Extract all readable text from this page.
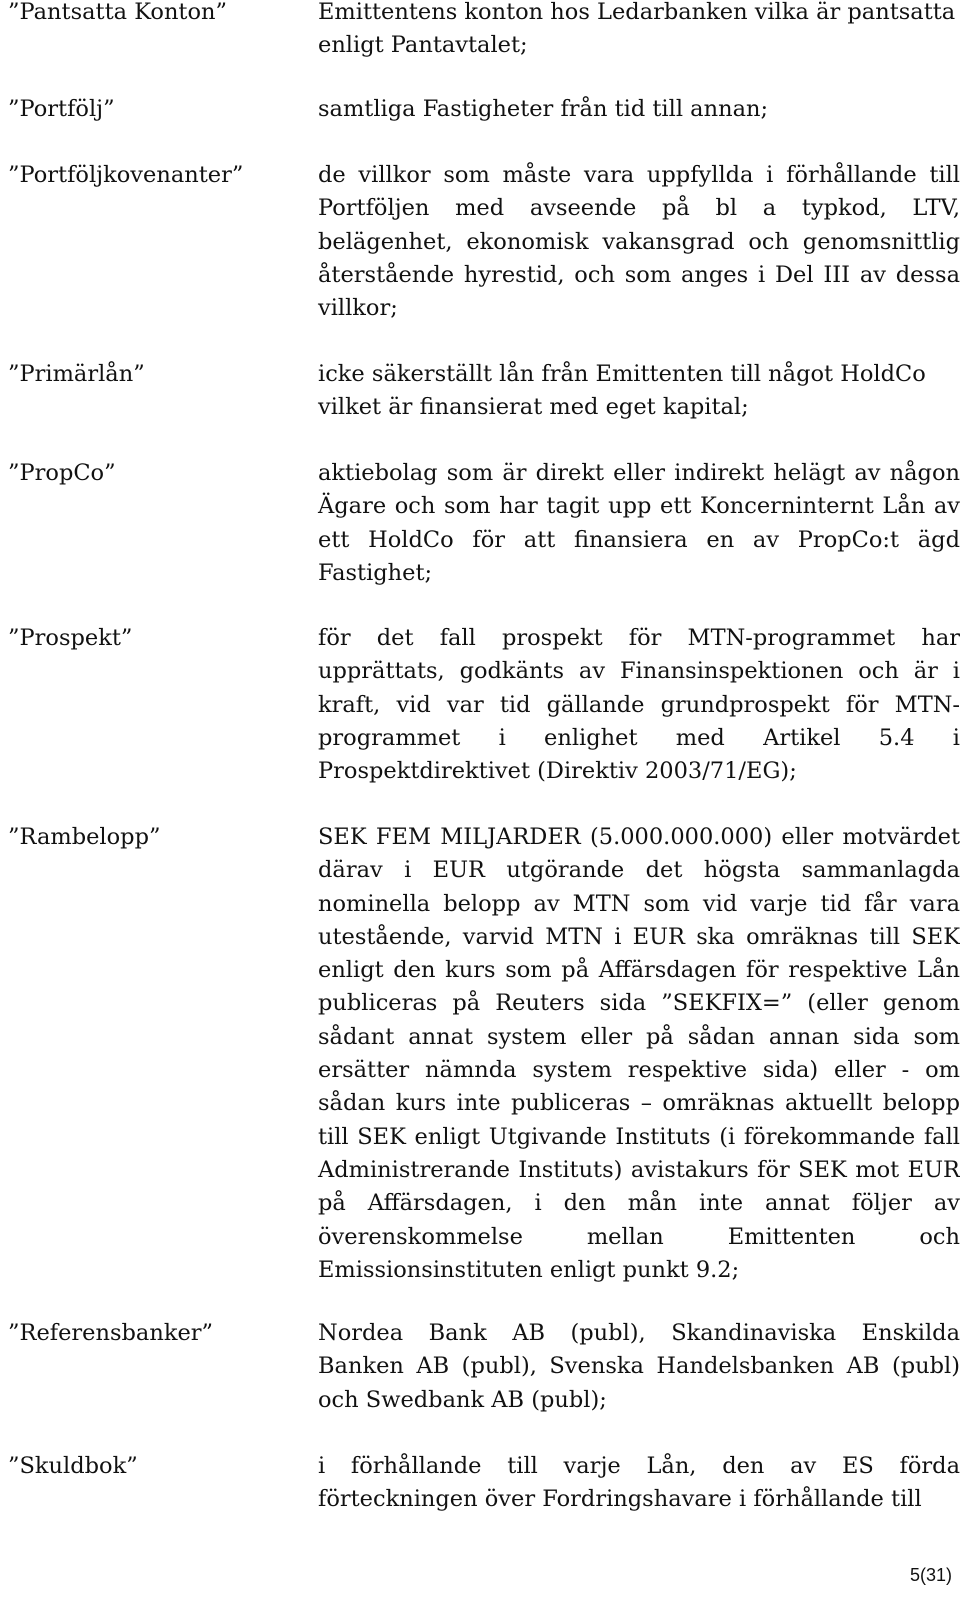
”Pantsatta Konton”	Emittentens konton hos Ledarbanken vilka är pantsatta enligt Pantavtalet;
”Portfölj”	samtliga Fastigheter från tid till annan;
”Portföljkovenanter”	de villkor som måste vara uppfyllda i förhållande till Portföljen med avseende på bl a typkod, LTV, belägenhet, ekonomisk vakansgrad och genomsnittlig återstående hyrestid, och som anges i Del III av dessa villkor;
”Primärlån”	icke säkerställt lån från Emittenten till något HoldCo vilket är finansierat med eget kapital;
”PropCo”	aktiebolag som är direkt eller indirekt helägt av någon Ägare och som har tagit upp ett Koncerninternt Lån av ett HoldCo för att finansiera en av PropCo:t ägd Fastighet;
”Prospekt”	för det fall prospekt för MTN-programmet har upprättats, godkänts av Finansinspektionen och är i kraft, vid var tid gällande grundprospekt för MTN-programmet i enlighet med Artikel 5.4 i Prospektdirektivet (Direktiv 2003/71/EG);
”Rambelopp”	SEK FEM MILJARDER (5.000.000.000) eller motvärdet därav i EUR utgörande det högsta sammanlagda nominella belopp av MTN som vid varje tid får vara utestående, varvid MTN i EUR ska omräknas till SEK enligt den kurs som på Affärsdagen för respektive Lån publiceras på Reuters sida ”SEKFIX=” (eller genom sådant annat system eller på sådan annan sida som ersätter nämnda system respektive sida) eller - om sådan kurs inte publiceras – omräknas aktuellt belopp till SEK enligt Utgivande Instituts (i förekommande fall Administrerande Instituts) avistakurs för SEK mot EUR på Affärsdagen, i den mån inte annat följer av överenskommelse mellan Emittenten och Emissionsinstituten enligt punkt 9.2;
”Referensbanker”	Nordea Bank AB (publ), Skandinaviska Enskilda Banken AB (publ), Svenska Handelsbanken AB (publ) och Swedbank AB (publ);
”Skuldbok”	i förhållande till varje Lån, den av ES förda förteckningen över Fordringshavare i förhållande till
5(31)
